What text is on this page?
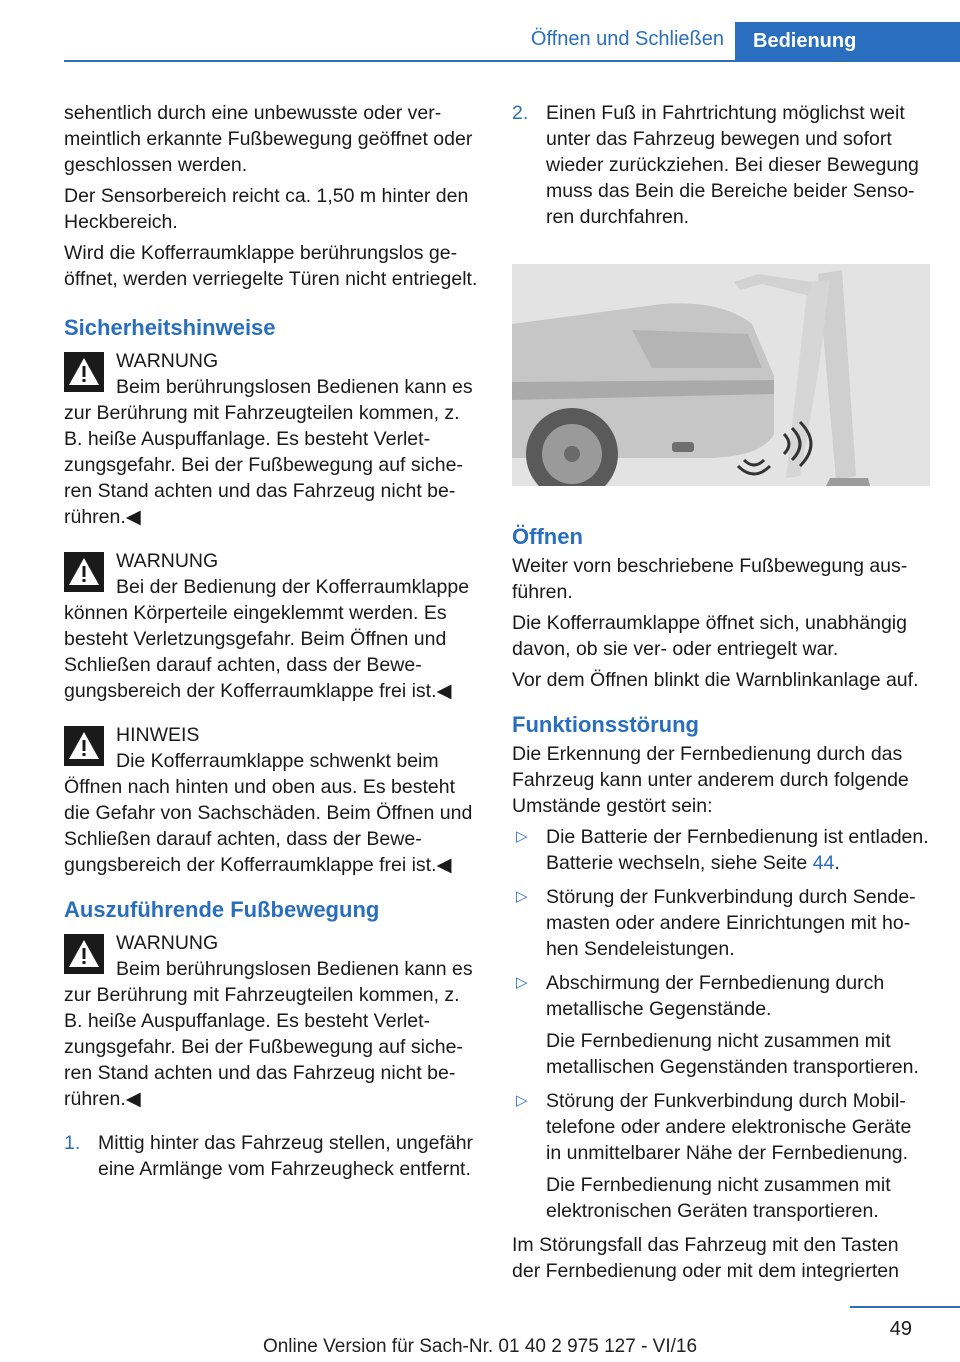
Öffnen und Schließen	Bedienung

sehentlich durch eine unbewusste oder vermeintlich erkannte Fußbewegung geöffnet oder geschlossen werden.

Der Sensorbereich reicht ca. 1,50 m hinter den Heckbereich.

Wird die Kofferraumklappe berührungslos geöffnet, werden verriegelte Türen nicht entriegelt.

Sicherheitshinweise
WARNUNG
Beim berührungslosen Bedienen kann es zur Berührung mit Fahrzeugteilen kommen, z. B. heiße Auspuffanlage. Es besteht Verletzungsgefahr. Bei der Fußbewegung auf sicheren Stand achten und das Fahrzeug nicht berühren.◀
WARNUNG
Bei der Bedienung der Kofferraumklappe können Körperteile eingeklemmt werden. Es besteht Verletzungsgefahr. Beim Öffnen und Schließen darauf achten, dass der Bewegungsbereich der Kofferraumklappe frei ist.◀
HINWEIS
Die Kofferraumklappe schwenkt beim Öffnen nach hinten und oben aus. Es besteht die Gefahr von Sachschäden. Beim Öffnen und Schließen darauf achten, dass der Bewegungsbereich der Kofferraumklappe frei ist.◀
Auszuführende Fußbewegung
WARNUNG
Beim berührungslosen Bedienen kann es zur Berührung mit Fahrzeugteilen kommen, z. B. heiße Auspuffanlage. Es besteht Verletzungsgefahr. Bei der Fußbewegung auf sicheren Stand achten und das Fahrzeug nicht berühren.◀
1. Mittig hinter das Fahrzeug stellen, ungefähr eine Armlänge vom Fahrzeugheck entfernt.
2. Einen Fuß in Fahrtrichtung möglichst weit unter das Fahrzeug bewegen und sofort wieder zurückziehen. Bei dieser Bewegung muss das Bein die Bereiche beider Sensoren durchfahren.
Öffnen

Weiter vorn beschriebene Fußbewegung ausführen.

Die Kofferraumklappe öffnet sich, unabhängig davon, ob sie ver- oder entriegelt war.

Vor dem Öffnen blinkt die Warnblinkanlage auf.

Funktionsstörung

Die Erkennung der Fernbedienung durch das Fahrzeug kann unter anderem durch folgende Umstände gestört sein:

▷ Die Batterie der Fernbedienung ist entladen. Batterie wechseln, siehe Seite 44.
▷ Störung der Funkverbindung durch Sendemasten oder andere Einrichtungen mit hohen Sendeleistungen.
▷ Abschirmung der Fernbedienung durch metallische Gegenstände.

Die Fernbedienung nicht zusammen mit metallischen Gegenständen transportieren.

▷ Störung der Funkverbindung durch Mobiltelefone oder andere elektronische Geräte in unmittelbarer Nähe der Fernbedienung.

Die Fernbedienung nicht zusammen mit elektronischen Geräten transportieren.

Im Störungsfall das Fahrzeug mit den Tasten der Fernbedienung oder mit dem integrierten

49
Online Version für Sach-Nr. 01 40 2 975 127 - VI/16
